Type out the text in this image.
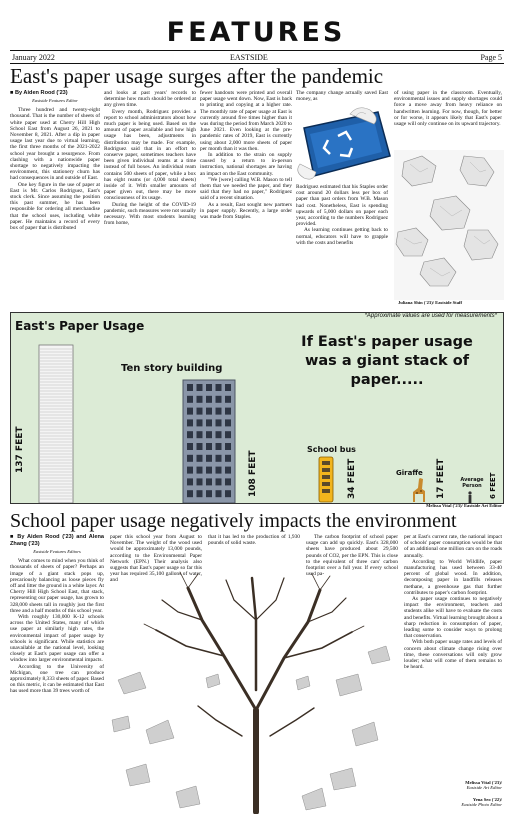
FEATURES
January 2022	EASTSIDE	Page 5
East's paper usage surges after the pandemic
■ By Aiden Rood ('23)
Eastside Features Editor

Three hundred and twenty-eight thousand. That is the number of sheets of white paper used at Cherry Hill High School East from August 26, 2021 to November 8, 2021. After a dip in paper usage last year due to virtual learning, the first three months of the 2021-2022 school year brought a resurgence. From clashing with a nationwide paper shortage to negatively impacting the environment, this stationery churn has had consequences in and outside of East.

One key figure in the use of paper at East is Mr. Carlos Rodriguez, East's stock clerk. Since assuming the position this past summer, he has been responsible for ordering all merchandise that the school uses, including white paper. He maintains a record of every box of paper that is distributed

and looks at past years' records to determine how much should be ordered at any given time.

Every month, Rodriguez provides a report to school administrators about how much paper is being used. Based on the amount of paper available and how high usage has been, adjustments in distribution may be made. For example, Rodriguez said that in an effort to conserve paper, sometimes teachers have been given individual reams at a time instead of full boxes. An individual ream contains 500 sheets of paper, while a box has eight reams (or 4,000 total sheets) inside of it. With smaller amounts of paper given out, there may be more consciousness of its usage.

During the height of the COVID-19 pandemic, such measures were not usually necessary. With most students learning from home,

fewer handouts were printed and overall paper usage went down. Now, East is back to printing and copying at a higher rate. The monthly rate of paper usage at East is currently around five times higher than it was during the period from March 2020 to June 2021. Even looking at the pre-pandemic rates of 2019, East is currently using about 2,000 more sheets of paper per month than it was then.

In addition to the strain on supply caused by a return to in-person instruction, national shortages are having an impact on the East community.

"We [were] calling W.B. Mason to tell them that we needed the paper, and they said that they had no paper," Rodriguez said of a recent situation.

As a result, East sought new partners in paper supply. Recently, a large order was made from Staples.

The company change actually saved East money, as

Rodriguez estimated that his Staples order cost around 20 dollars less per box of paper than past orders from W.B. Mason had cost. Nonetheless, East is spending upwards of 5,000 dollars on paper each year, according to the numbers Rodriguez provided.

As learning continues getting back to normal, educators will have to grapple with the costs and benefits

of using paper in the classroom. Eventually, environmental issues and supply shortages could force a move away from heavy reliance on handwritten learning. For now, though, for better or for worse, it appears likely that East's paper usage will only continue on its upward trajectory.

Juliana Shin ('23)/ Eastside Staff
East's Paper Usage
*Approximate values are used for measurements*
If East's paper usage was a giant stack of paper.....
137 FEET
Ten story building
108 FEET
School bus
34 FEET	Giraffe 17 FEET	Average Person	6 FEET
Melissa Vital ('23)/ Eastside Art Editor
School paper usage negatively impacts the environment
■ By Aiden Rood ('23) and Alena Zhang ('23)
Eastside Features Editors

What comes to mind when you think of thousands of sheets of paper? Perhaps an image of a giant stack pops up, precariously balancing as loose pieces fly off and litter the ground in a white layer. At Cherry Hill High School East, that stack, representing our paper usage, has grown to 328,000 sheets tall in roughly just the first three and a half months of this school year.

With roughly 130,000 K-12 schools across the United States, many of which use paper at similarly high rates, the environmental impact of paper usage by schools is significant. While statistics are unavailable at the national level, looking closely at East's paper usage can offer a window into larger environmental impacts.

According to the University of Michigan, one tree can produce approximately 8,333 sheets of paper. Based on this metric, it can be estimated that East has used more than 39 trees worth of

paper this school year from August to November. The weight of the wood used would be approximately 13,000 pounds, according to the Environmental Paper Network (EPN.) Their analysis also suggests that East's paper usage so far this year has required 35,100 gallons of water, and

that it has led to the production of 1,930 pounds of solid waste.

The carbon footprint of school paper usage can add up quickly. East's 328,000 sheets have produced about 29,500 pounds of CO2, per the EPN. This is close to the equivalent of three cars' carbon footprint over a full year. If every school used pa-

per at East's current rate, the national impact of schools' paper consumption would be that of an additional one million cars on the roads annually.

According to World Wildlife, paper manufacturing has used between 33-40 percent of global wood. In addition, decomposing paper in landfills releases methane, a greenhouse gas that further contributes to paper's carbon footprint.

As paper usage continues to negatively impact the environment, teachers and students alike will have to evaluate the costs and benefits. Virtual learning brought about a sharp reduction in consumption of paper, leading some to consider ways to prolong that conservation.

With both paper usage rates and levels of concern about climate change rising over time, these conversations will only grow louder; what will come of them remains to be heard.

Melissa Vital ('23)/
Eastside Art Editor
Yena Seo ('22)/
Eastside Photo Editor
